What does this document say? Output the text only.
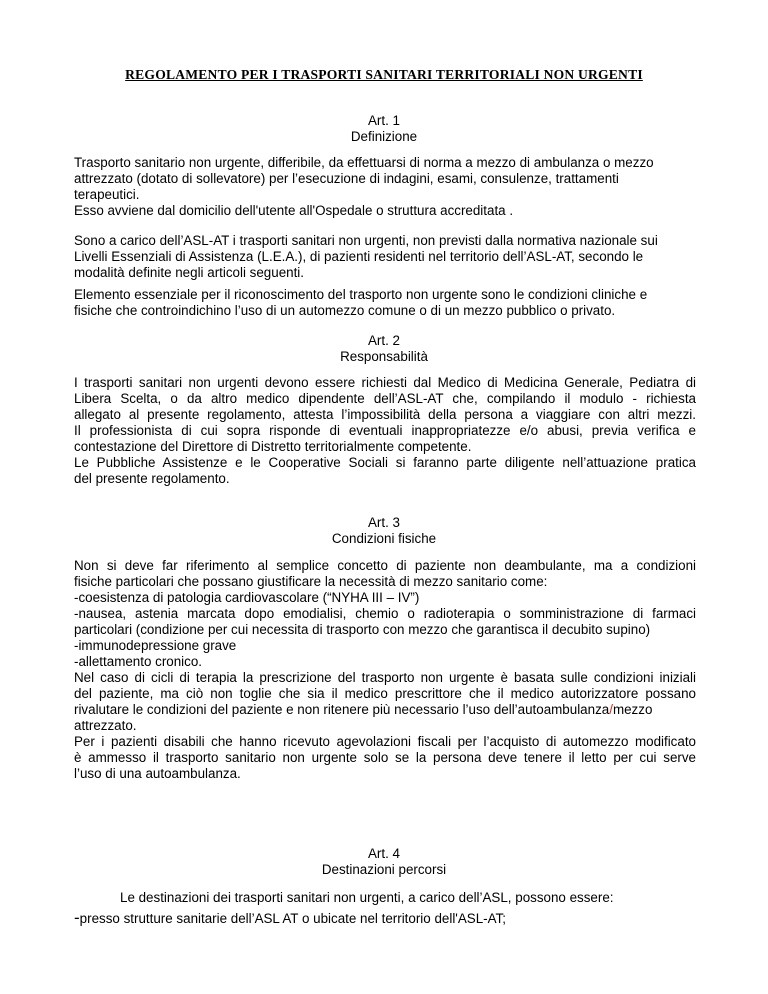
REGOLAMENTO PER I TRASPORTI SANITARI TERRITORIALI NON URGENTI
Art. 1
Definizione
Trasporto sanitario non urgente, differibile, da effettuarsi di norma a mezzo di ambulanza o mezzo
attrezzato (dotato di sollevatore) per l’esecuzione di indagini, esami, consulenze, trattamenti
terapeutici.
Esso avviene dal domicilio dell'utente all'Ospedale o struttura accreditata .
Sono a carico dell’ASL-AT i trasporti sanitari non urgenti, non previsti dalla normativa nazionale sui
Livelli Essenziali di Assistenza (L.E.A.), di pazienti residenti nel territorio dell’ASL-AT, secondo le
modalità definite negli articoli seguenti.
Elemento essenziale per il riconoscimento del trasporto non urgente sono le condizioni cliniche e
fisiche che controindichino l’uso di un automezzo comune o di un mezzo pubblico o privato.
Art. 2
Responsabilità
I trasporti sanitari non urgenti devono essere richiesti dal Medico di Medicina Generale, Pediatra di
Libera Scelta, o da altro medico dipendente dell’ASL-AT che, compilando il modulo - richiesta
allegato al presente regolamento, attesta l’impossibilità della persona a viaggiare con altri mezzi.
Il professionista di cui sopra risponde di eventuali inappropriatezze e/o abusi, previa verifica e
contestazione del Direttore di Distretto territorialmente competente.
Le Pubbliche Assistenze e le Cooperative Sociali si faranno parte diligente nell’attuazione pratica
del presente regolamento.
Art. 3
Condizioni fisiche
Non si deve far riferimento al semplice concetto di paziente non deambulante, ma a condizioni
fisiche particolari che possano giustificare la necessità di mezzo sanitario come:
-coesistenza di patologia cardiovascolare (“NYHA III – IV”)
-nausea, astenia marcata dopo emodialisi, chemio o radioterapia o somministrazione di farmaci
particolari (condizione per cui necessita di trasporto con mezzo che garantisca il decubito supino)
-immunodepressione grave
-allettamento cronico.
Nel caso di cicli di terapia la prescrizione del trasporto non urgente è basata sulle condizioni iniziali
del paziente, ma ciò non toglie che sia il medico prescrittore che il medico autorizzatore possano
rivalutare le condizioni del paziente e non ritenere più necessario l’uso dell’autoambulanza/mezzo
attrezzato.
Per i pazienti disabili che hanno ricevuto agevolazioni fiscali per l’acquisto di automezzo modificato
è ammesso il trasporto sanitario non urgente solo se la persona deve tenere il letto per cui serve
l’uso di una autoambulanza.
Art. 4
Destinazioni percorsi
Le destinazioni dei trasporti sanitari non urgenti, a carico dell’ASL, possono essere:
-presso strutture sanitarie dell’ASL AT o ubicate nel territorio dell'ASL-AT;
